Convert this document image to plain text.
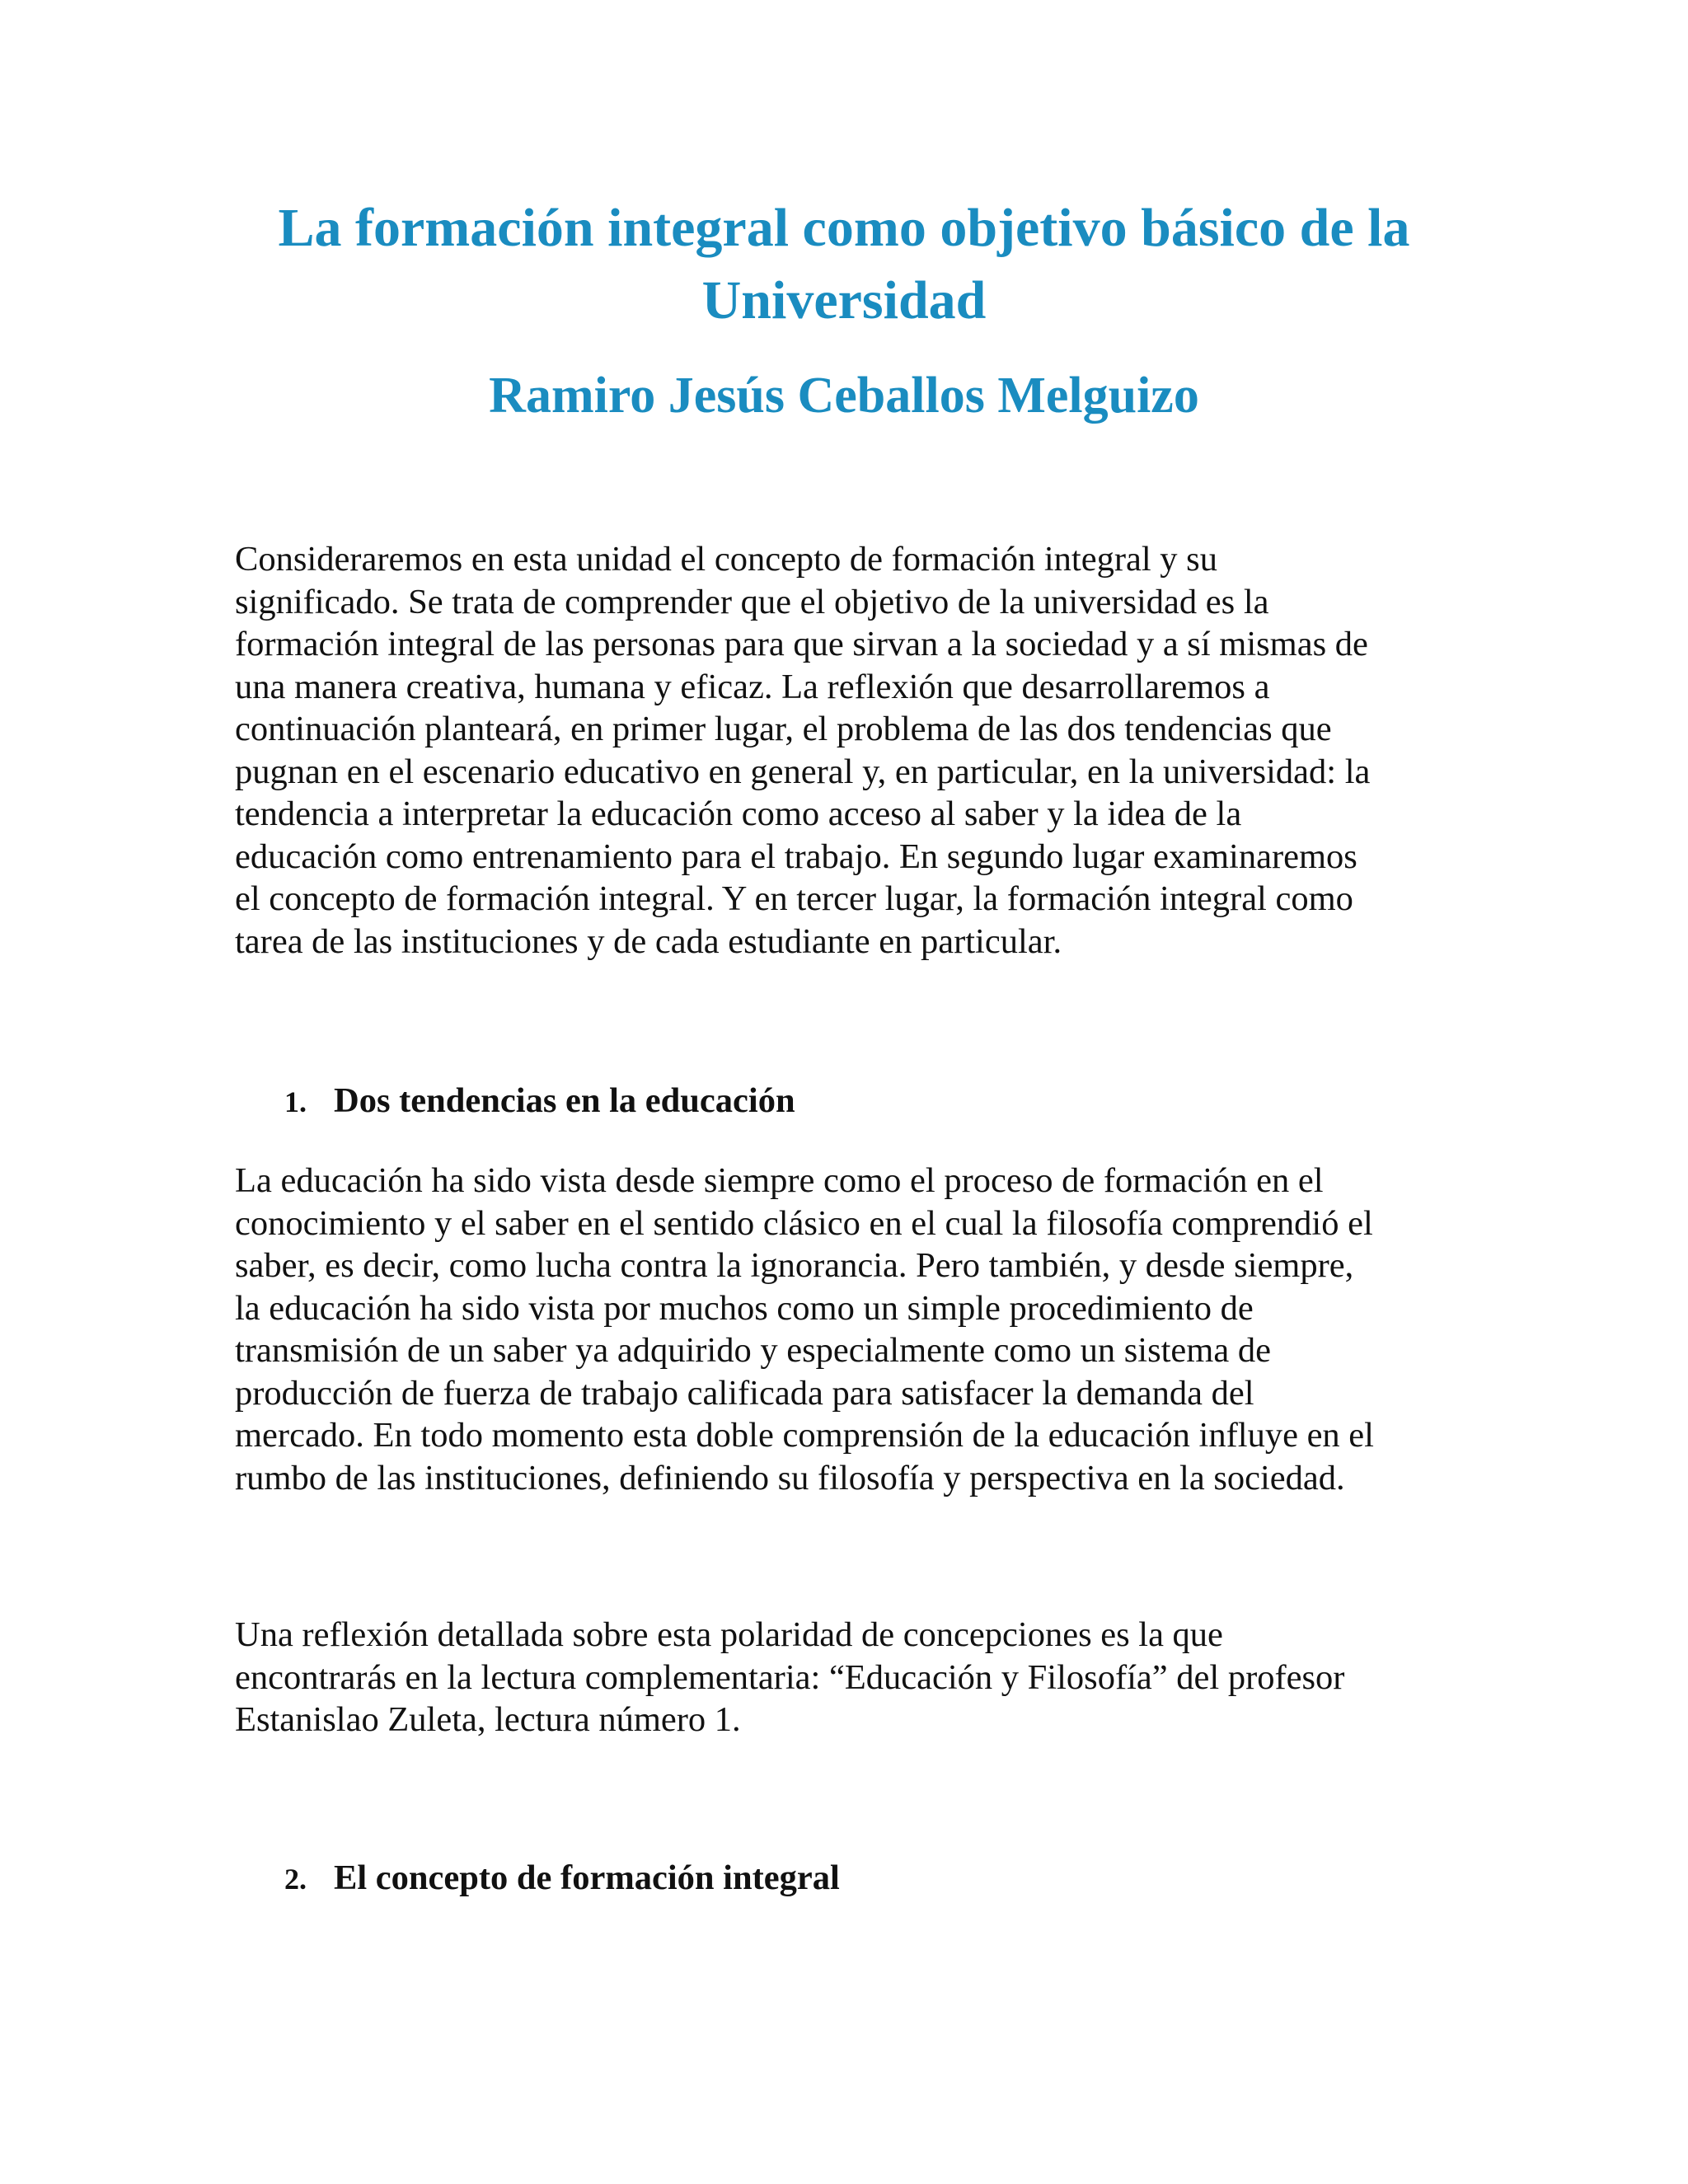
La formación integral como objetivo básico de la
Universidad
Ramiro Jesús Ceballos Melguizo

Consideraremos en esta unidad el concepto de formación integral y su
significado. Se trata de comprender que el objetivo de la universidad es la
formación integral de las personas para que sirvan a la sociedad y a sí mismas de
una manera creativa, humana y eficaz. La reflexión que desarrollaremos a
continuación planteará, en primer lugar, el problema de las dos tendencias que
pugnan en el escenario educativo en general y, en particular, en la universidad: la
tendencia a interpretar la educación como acceso al saber y la idea de la
educación como entrenamiento para el trabajo. En segundo lugar examinaremos
el concepto de formación integral. Y en tercer lugar, la formación integral como
tarea de las instituciones y de cada estudiante en particular.

1. Dos tendencias en la educación

La educación ha sido vista desde siempre como el proceso de formación en el
conocimiento y el saber en el sentido clásico en el cual la filosofía comprendió el
saber, es decir, como lucha contra la ignorancia. Pero también, y desde siempre,
la educación ha sido vista por muchos como un simple procedimiento de
transmisión de un saber ya adquirido y especialmente como un sistema de
producción de fuerza de trabajo calificada para satisfacer la demanda del
mercado. En todo momento esta doble comprensión de la educación influye en el
rumbo de las instituciones, definiendo su filosofía y perspectiva en la sociedad.

Una reflexión detallada sobre esta polaridad de concepciones es la que
encontrarás en la lectura complementaria: “Educación y Filosofía” del profesor
Estanislao Zuleta, lectura número 1.

2. El concepto de formación integral
